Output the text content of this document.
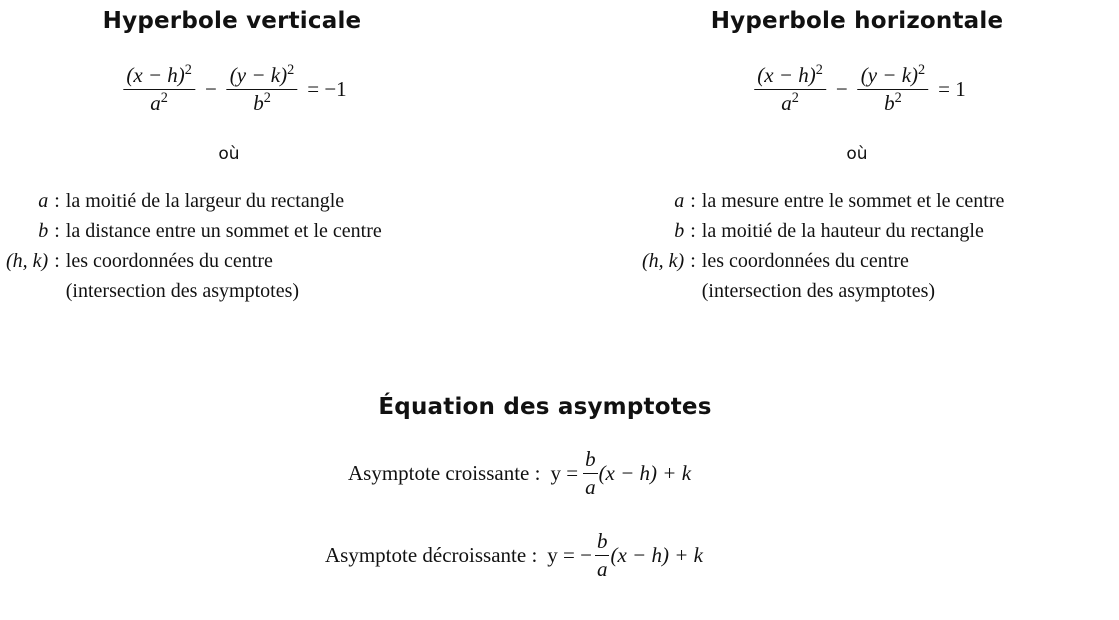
Hyperbole verticale
$\frac{(x - h)^2}{a^2} - \frac{(y - k)^2}{b^2} = -1$
où
a	:	la moitié de la largeur du rectangle
b	:	la distance entre un sommet et le centre
(h, k)	:	les coordonnées du centre
		(intersection des asymptotes)
Hyperbole horizontale
$\frac{(x - h)^2}{a^2} - \frac{(y - k)^2}{b^2} = 1$
où
a	:	la mesure entre le sommet et le centre
b	:	la moitié de la hauteur du rectangle
(h, k)	:	les coordonnées du centre
		(intersection des asymptotes)
Équation des asymptotes
Asymptote croissante : $y = \frac{b}{a} (x - h) + k$
Asymptote décroissante : y = − $\frac{b}{a} (x - h) + k$
